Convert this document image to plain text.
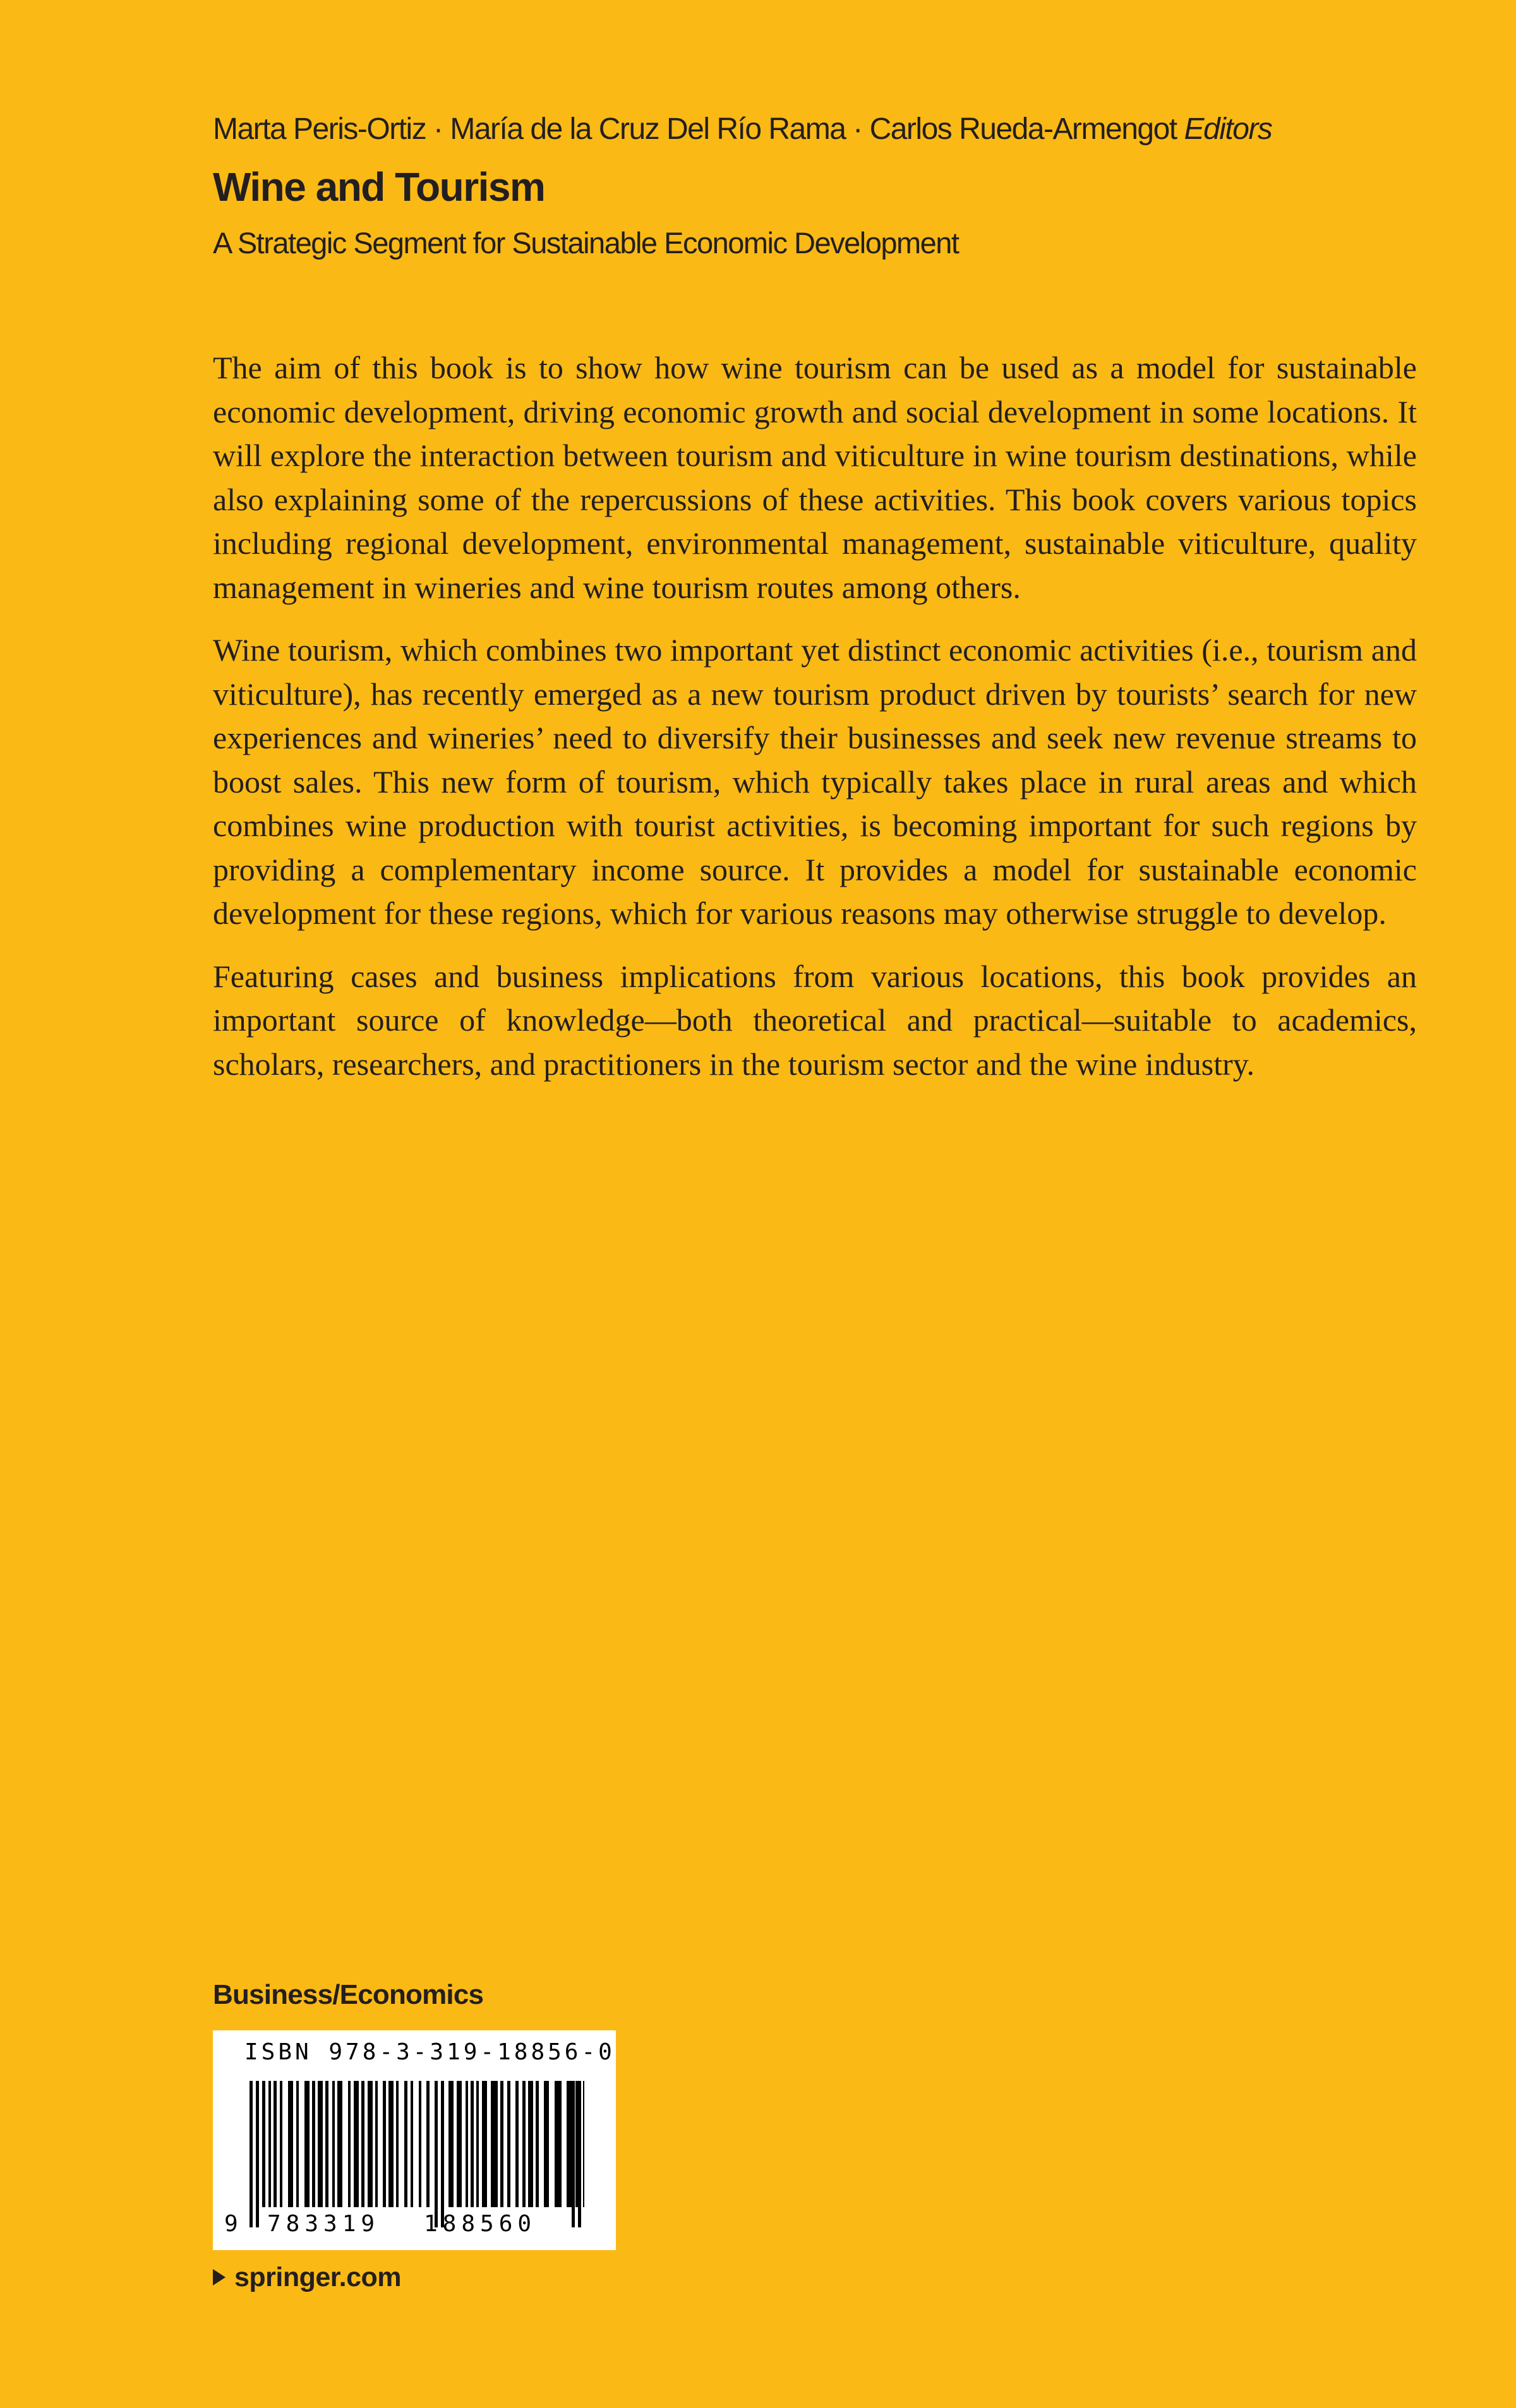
Marta Peris-Ortiz · María de la Cruz Del Río Rama · Carlos Rueda-Armengot Editors
Wine and Tourism
A Strategic Segment for Sustainable Economic Development

The aim of this book is to show how wine tourism can be used as a model for sustainable economic development, driving economic growth and social development in some locations. It will explore the interaction between tourism and viticulture in wine tourism destinations, while also explaining some of the repercussions of these activities. This book covers various topics including regional development, environmental management, sustainable viticulture, quality management in wineries and wine tourism routes among others.

Wine tourism, which combines two important yet distinct economic activities (i.e., tourism and viticulture), has recently emerged as a new tourism product driven by tourists’ search for new experiences and wineries’ need to diversify their businesses and seek new revenue streams to boost sales. This new form of tourism, which typically takes place in rural areas and which combines wine production with tourist activities, is becoming important for such regions by providing a complementary income source. It provides a model for sustainable economic development for these regions, which for various reasons may otherwise struggle to develop.

Featuring cases and business implications from various locations, this book provides an important source of knowledge—both theoretical and practical—suitable to academics, scholars, researchers, and practitioners in the tourism sector and the wine industry.

Business/Economics
ISBN 978-3-319-18856-0
9 783319 188560
springer.com
